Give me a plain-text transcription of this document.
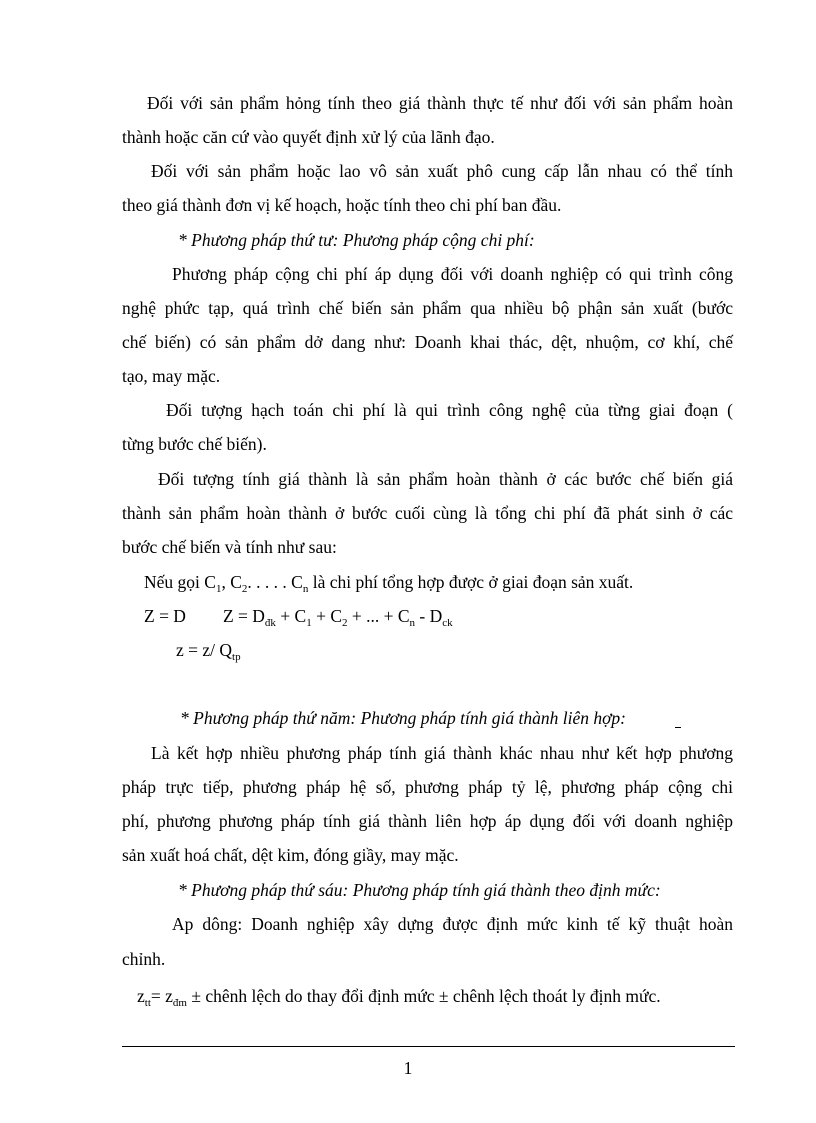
Đối với sản phẩm hỏng tính theo giá thành thực tế như đối với sản phẩm hoàn
thành hoặc căn cứ vào quyết định xử lý của lãnh đạo.
Đối với sản phẩm hoặc lao vô sản xuất phô cung cấp lẫn nhau có thể tính
theo giá thành đơn vị kế hoạch, hoặc tính theo chi phí ban đầu.
* Phương pháp thứ tư: Phương pháp cộng chi phí:
Phương pháp cộng chi phí áp dụng đối với doanh nghiệp có qui trình công
nghệ phức tạp, quá trình chế biến sản phẩm qua nhiều bộ phận sản xuất (bước
chế biến) có sản phẩm dở dang như: Doanh khai thác, dệt, nhuộm, cơ khí, chế
tạo, may mặc.
Đối tượng hạch toán chi phí là qui trình công nghệ của từng giai đoạn (
từng bước chế biến).
Đối tượng tính giá thành là sản phẩm hoàn thành ở các bước chế biến giá
thành sản phẩm hoàn thành ở bước cuối cùng là tổng chi phí đã phát sinh ở các
bước chế biến và tính như sau:
Nếu gọi $C_1$, $C_2$. . . . . $C_n$ là chi phí tổng hợp được ở giai đoạn sản xuất.
Z = D $Z = D_{đk} + C_1 + C_2$ + ... + $C_n - D_{ck}$
z = z/ $Q_{tp}$
* Phương pháp thứ năm: Phương pháp tính giá thành liên hợp:
Là kết hợp nhiều phương pháp tính giá thành khác nhau như kết hợp phương
pháp trực tiếp, phương pháp hệ số, phương pháp tỷ lệ, phương pháp cộng chi
phí, phương phương pháp tính giá thành liên hợp áp dụng đối với doanh nghiệp
sản xuất hoá chất, dệt kim, đóng giầy, may mặc.
* Phương pháp thứ sáu: Phương pháp tính giá thành theo định mức:
Ap dông: Doanh nghiệp xây dựng được định mức kinh tế kỹ thuật hoàn
chỉnh.
$z_{tt}= z_{đm}$ ± chênh lệch do thay đổi định mức ± chênh lệch thoát ly định mức.
1
